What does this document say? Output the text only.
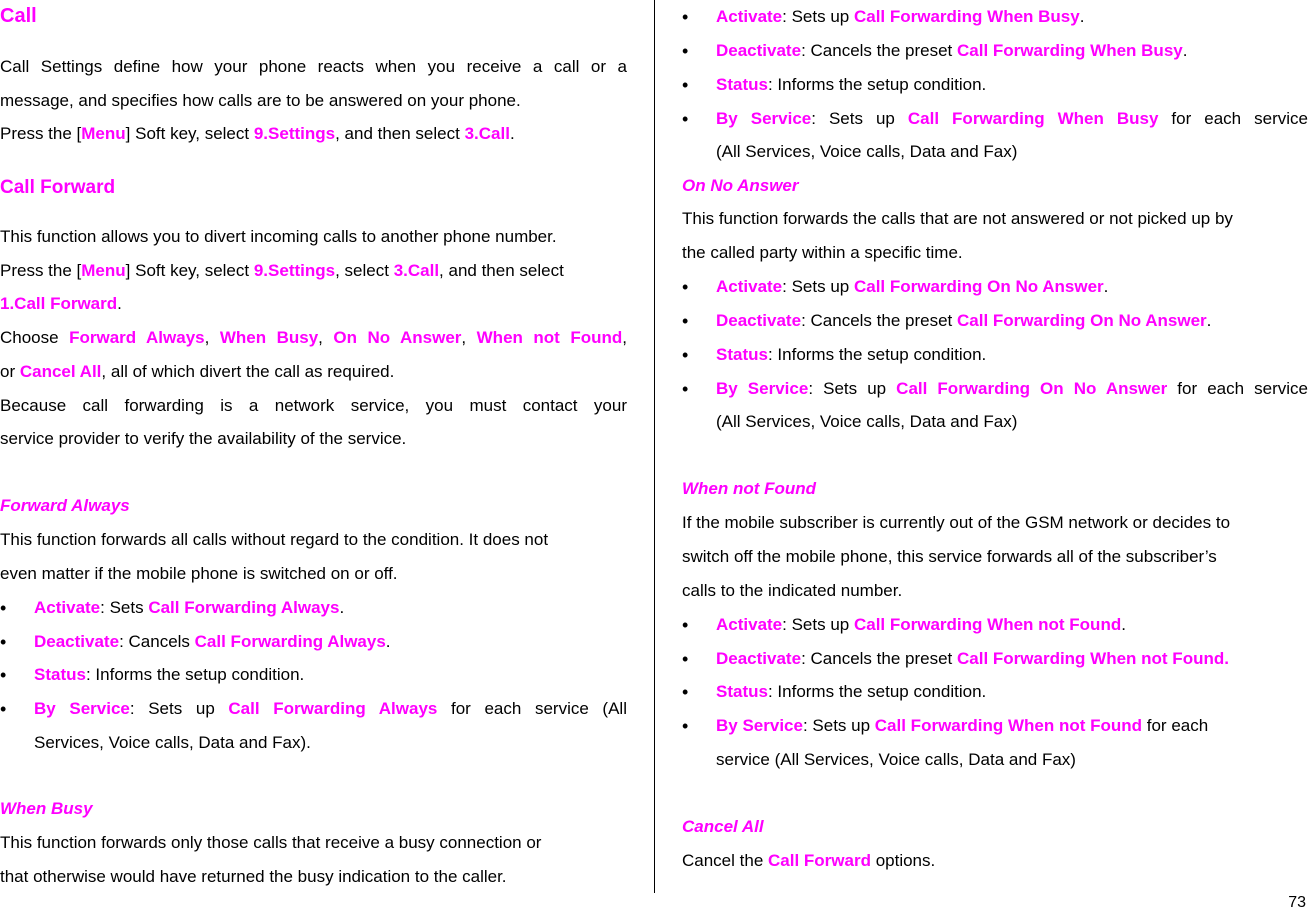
Call
Call Settings define how your phone reacts when you receive a call or a
message, and specifies how calls are to be answered on your phone.
Press the [Menu] Soft key, select 9.Settings, and then select 3.Call.
Call Forward
This function allows you to divert incoming calls to another phone number.
Press the [Menu] Soft key, select 9.Settings, select 3.Call, and then select
1.Call Forward.
Choose Forward Always, When Busy, On No Answer, When not Found,
or Cancel All, all of which divert the call as required.
Because call forwarding is a network service, you must contact your
service provider to verify the availability of the service.
Forward Always
This function forwards all calls without regard to the condition. It does not
even matter if the mobile phone is switched on or off.
• Activate: Sets Call Forwarding Always.
• Deactivate: Cancels Call Forwarding Always.
• Status: Informs the setup condition.
• By Service: Sets up Call Forwarding Always for each service (All
Services, Voice calls, Data and Fax).
When Busy
This function forwards only those calls that receive a busy connection or
that otherwise would have returned the busy indication to the caller.
• Activate: Sets up Call Forwarding When Busy.
• Deactivate: Cancels the preset Call Forwarding When Busy.
• Status: Informs the setup condition.
• By Service: Sets up Call Forwarding When Busy for each service
(All Services, Voice calls, Data and Fax)
On No Answer
This function forwards the calls that are not answered or not picked up by
the called party within a specific time.
• Activate: Sets up Call Forwarding On No Answer.
• Deactivate: Cancels the preset Call Forwarding On No Answer.
• Status: Informs the setup condition.
• By Service: Sets up Call Forwarding On No Answer for each service
(All Services, Voice calls, Data and Fax)
When not Found
If the mobile subscriber is currently out of the GSM network or decides to
switch off the mobile phone, this service forwards all of the subscriber’s
calls to the indicated number.
• Activate: Sets up Call Forwarding When not Found.
• Deactivate: Cancels the preset Call Forwarding When not Found.
• Status: Informs the setup condition.
• By Service: Sets up Call Forwarding When not Found for each
service (All Services, Voice calls, Data and Fax)
Cancel All
Cancel the Call Forward options.
73
